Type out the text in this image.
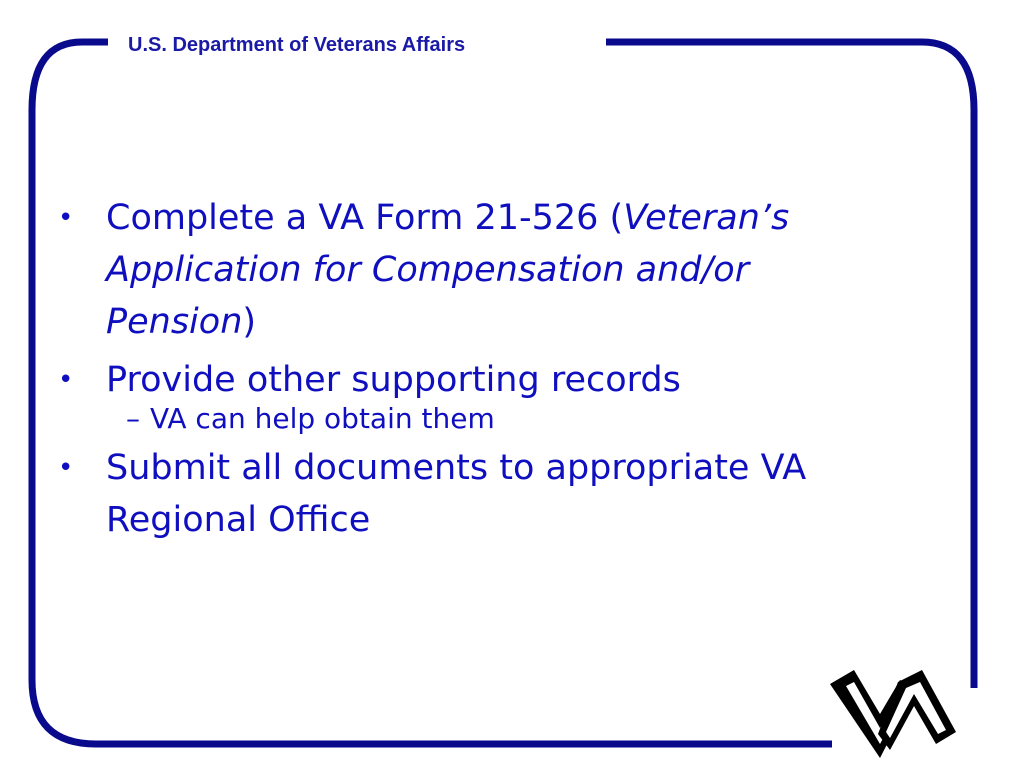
U.S. Department of Veterans Affairs
• Complete a VA Form 21-526 (Veteran’s Application for Compensation and/or Pension)
• Provide other supporting records
– VA can help obtain them
• Submit all documents to appropriate VA Regional Office
